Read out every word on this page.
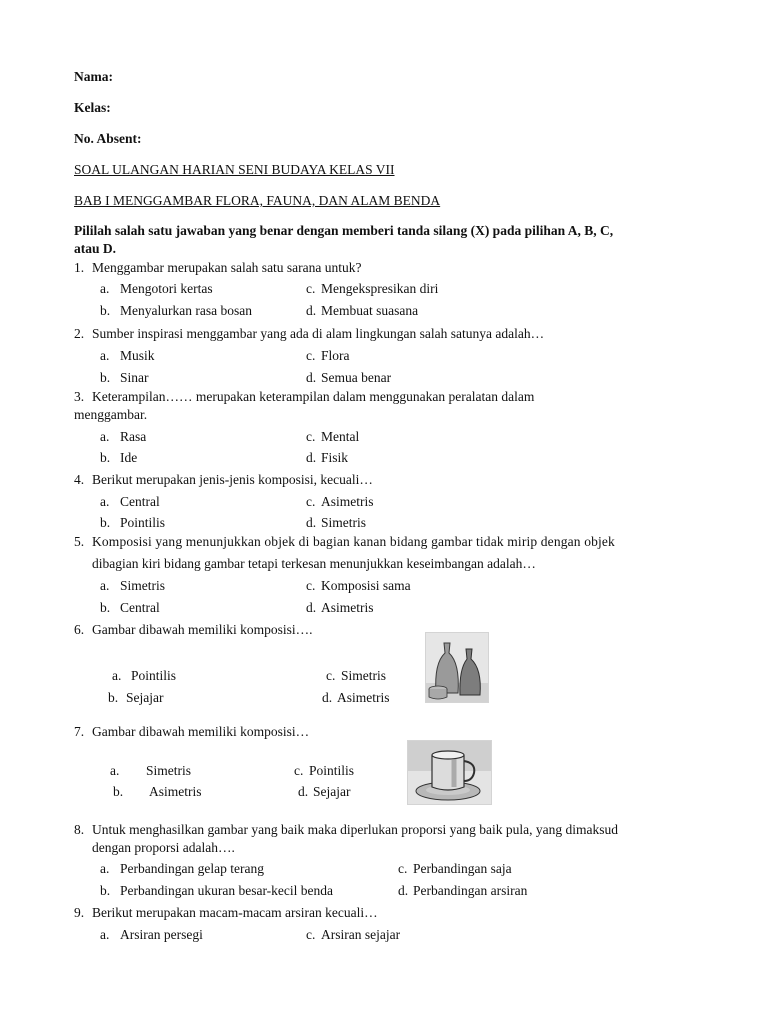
Nama:
Kelas:
No. Absent:
SOAL ULANGAN HARIAN SENI BUDAYA KELAS VII
BAB I MENGGAMBAR FLORA, FAUNA, DAN ALAM BENDA
Pililah salah satu jawaban yang benar dengan memberi tanda silang (X) pada pilihan A, B, C,
atau D.
1. Menggambar merupakan salah satu sarana untuk?
a. Mengotori kertas	c. Mengekspresikan diri
b. Menyalurkan rasa bosan	d. Membuat suasana
2. Sumber inspirasi menggambar yang ada di alam lingkungan salah satunya adalah…
a. Musik	c. Flora
b. Sinar	d. Semua benar
3. Keterampilan…… merupakan keterampilan dalam menggunakan peralatan dalam
menggambar.
a. Rasa	c. Mental
b. Ide	d. Fisik
4. Berikut merupakan jenis-jenis komposisi, kecuali…
a. Central	c. Asimetris
b. Pointilis	d. Simetris
5. Komposisi yang menunjukkan objek di bagian kanan bidang gambar tidak mirip dengan objek
dibagian kiri bidang gambar tetapi terkesan menunjukkan keseimbangan adalah…
a. Simetris	c. Komposisi sama
b. Central	d. Asimetris
6. Gambar dibawah memiliki komposisi….
a. Pointilis	c. Simetris
b. Sejajar	d. Asimetris
7. Gambar dibawah memiliki komposisi…
a. Simetris	c. Pointilis
b. Asimetris	d. Sejajar
8. Untuk menghasilkan gambar yang baik maka diperlukan proporsi yang baik pula, yang dimaksud
dengan proporsi adalah….
a. Perbandingan gelap terang	c. Perbandingan saja
b. Perbandingan ukuran besar-kecil benda	d. Perbandingan arsiran
9. Berikut merupakan macam-macam arsiran kecuali…
a. Arsiran persegi	c. Arsiran sejajar
